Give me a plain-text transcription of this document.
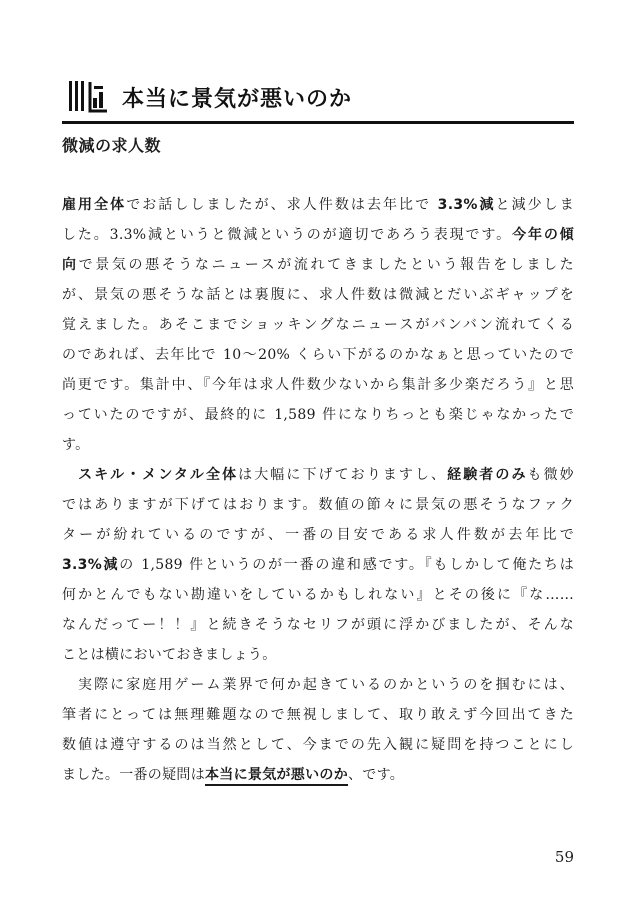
本当に景気が悪いのか
微減の求人数
雇用全体でお話ししましたが、求人件数は去年比で 3.3%減と減少しま
した。3.3%減というと微減というのが適切であろう表現です。今年の傾
向で景気の悪そうなニュースが流れてきましたという報告をしました
が、景気の悪そうな話とは裏腹に、求人件数は微減とだいぶギャップを
覚えました。あそこまでショッキングなニュースがバンバン流れてくる
のであれば、去年比で 10〜20% くらい下がるのかなぁと思っていたので
尚更です。集計中、『今年は求人件数少ないから集計多少楽だろう』と思
っていたのですが、最終的に 1,589 件になりちっとも楽じゃなかったで
す。
　スキル・メンタル全体は大幅に下げておりますし、経験者のみも微妙
ではありますが下げてはおります。数値の節々に景気の悪そうなファク
ターが紛れているのですが、一番の目安である求人件数が去年比で
3.3%減の 1,589 件というのが一番の違和感です。『もしかして俺たちは
何かとんでもない勘違いをしているかもしれない』とその後に『な……
なんだってー！！』と続きそうなセリフが頭に浮かびましたが、そんな
ことは横においておきましょう。
　実際に家庭用ゲーム業界で何か起きているのかというのを掴むには、
筆者にとっては無理難題なので無視しまして、取り敢えず今回出てきた
数値は遵守するのは当然として、今までの先入観に疑問を持つことにし
ました。一番の疑問は本当に景気が悪いのか、です。
59
